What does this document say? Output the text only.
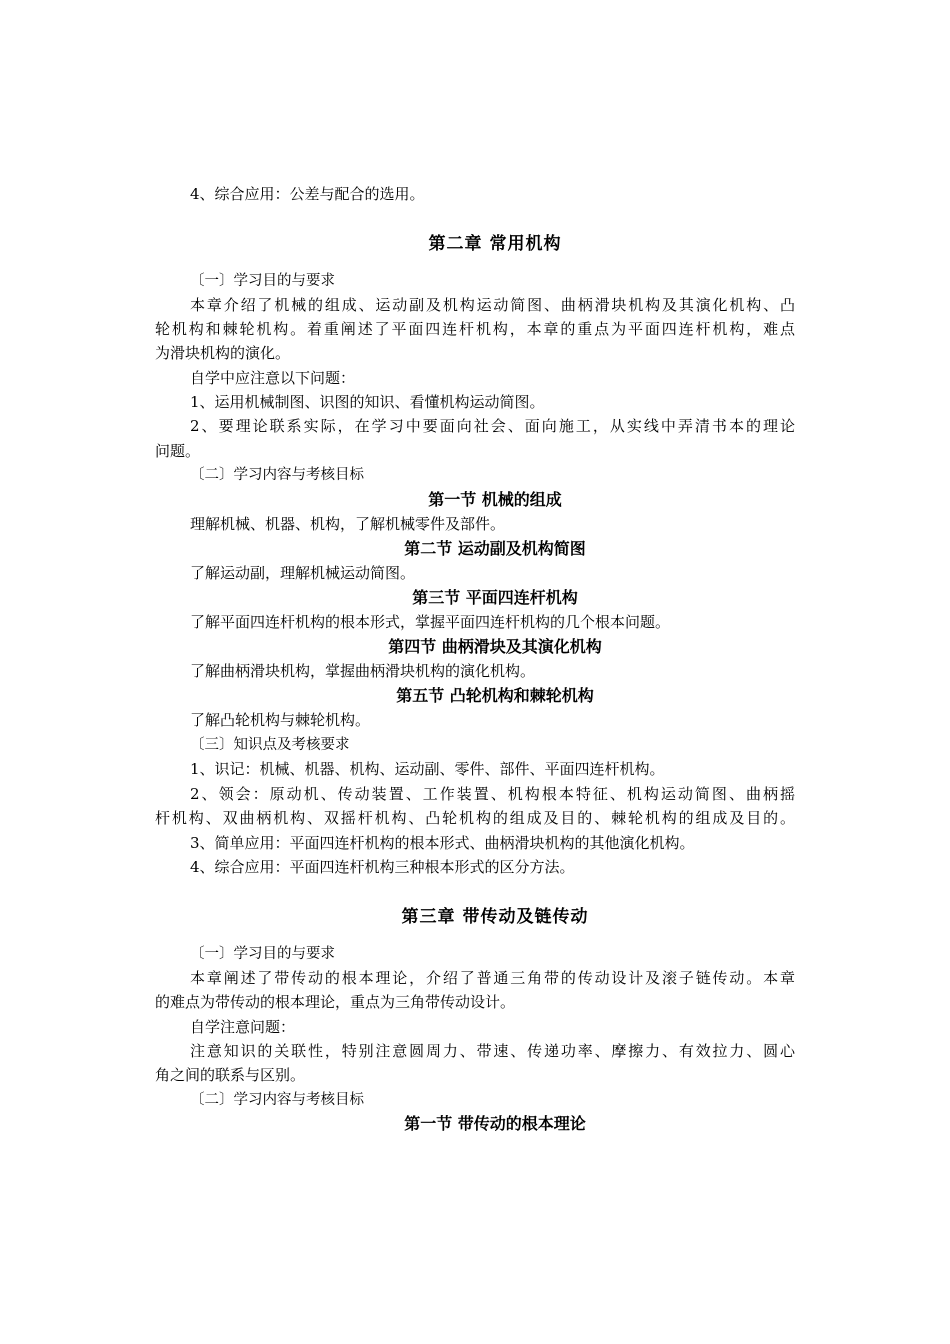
4、综合应用：公差与配合的选用。
第二章 常用机构
〔一〕学习目的与要求
本章介绍了机械的组成、运动副及机构运动简图、曲柄滑块机构及其演化机构、凸
轮机构和棘轮机构。着重阐述了平面四连杆机构，本章的重点为平面四连杆机构，难点
为滑块机构的演化。
自学中应注意以下问题：
1、运用机械制图、识图的知识、看懂机构运动简图。
2、要理论联系实际，在学习中要面向社会、面向施工，从实线中弄清书本的理论
问题。
〔二〕学习内容与考核目标
第一节 机械的组成
理解机械、机器、机构，了解机械零件及部件。
第二节 运动副及机构简图
了解运动副，理解机械运动简图。
第三节 平面四连杆机构
了解平面四连杆机构的根本形式，掌握平面四连杆机构的几个根本问题。
第四节 曲柄滑块及其演化机构
了解曲柄滑块机构，掌握曲柄滑块机构的演化机构。
第五节 凸轮机构和棘轮机构
了解凸轮机构与棘轮机构。
〔三〕知识点及考核要求
1、识记：机械、机器、机构、运动副、零件、部件、平面四连杆机构。
2、领会：原动机、传动装置、工作装置、机构根本特征、机构运动简图、曲柄摇
杆机构、双曲柄机构、双摇杆机构、凸轮机构的组成及目的、棘轮机构的组成及目的。
3、简单应用：平面四连杆机构的根本形式、曲柄滑块机构的其他演化机构。
4、综合应用：平面四连杆机构三种根本形式的区分方法。
第三章 带传动及链传动
〔一〕学习目的与要求
本章阐述了带传动的根本理论，介绍了普通三角带的传动设计及滚子链传动。本章
的难点为带传动的根本理论，重点为三角带传动设计。
自学注意问题：
注意知识的关联性，特别注意圆周力、带速、传递功率、摩擦力、有效拉力、圆心
角之间的联系与区别。
〔二〕学习内容与考核目标
第一节 带传动的根本理论
